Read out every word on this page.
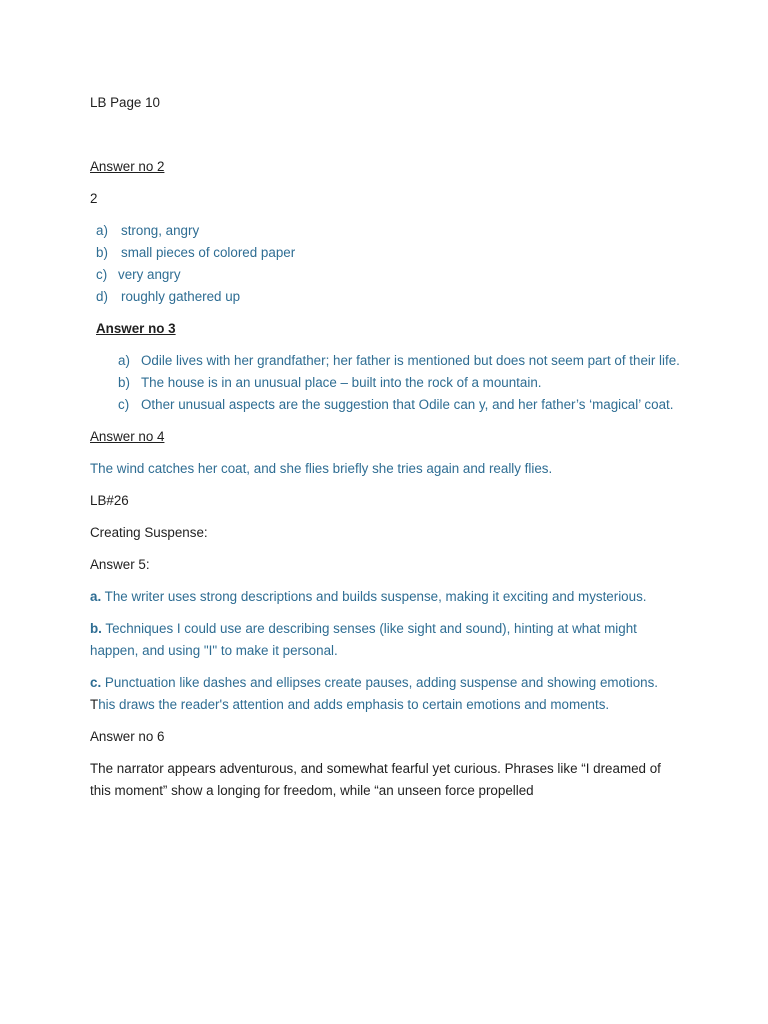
LB Page 10

Answer no 2

2

a) strong, angry
b) small pieces of colored paper
c) very angry
d) roughly gathered up

Answer no 3

a) Odile lives with her grandfather; her father is mentioned but does not seem part of their life.
b) The house is in an unusual place – built into the rock of a mountain.
c) Other unusual aspects are the suggestion that Odile can y, and her father’s ‘magical’ coat.

Answer no 4

The wind catches her coat, and she flies briefly she tries again and really flies.

LB#26

Creating Suspense:

Answer 5:

a. The writer uses strong descriptions and builds suspense, making it exciting and mysterious.

b. Techniques I could use are describing senses (like sight and sound), hinting at what might happen, and using "I" to make it personal.

c. Punctuation like dashes and ellipses create pauses, adding suspense and showing emotions. This draws the reader's attention and adds emphasis to certain emotions and moments.

Answer no 6

The narrator appears adventurous, and somewhat fearful yet curious. Phrases like “I dreamed of this moment” show a longing for freedom, while “an unseen force propelled
